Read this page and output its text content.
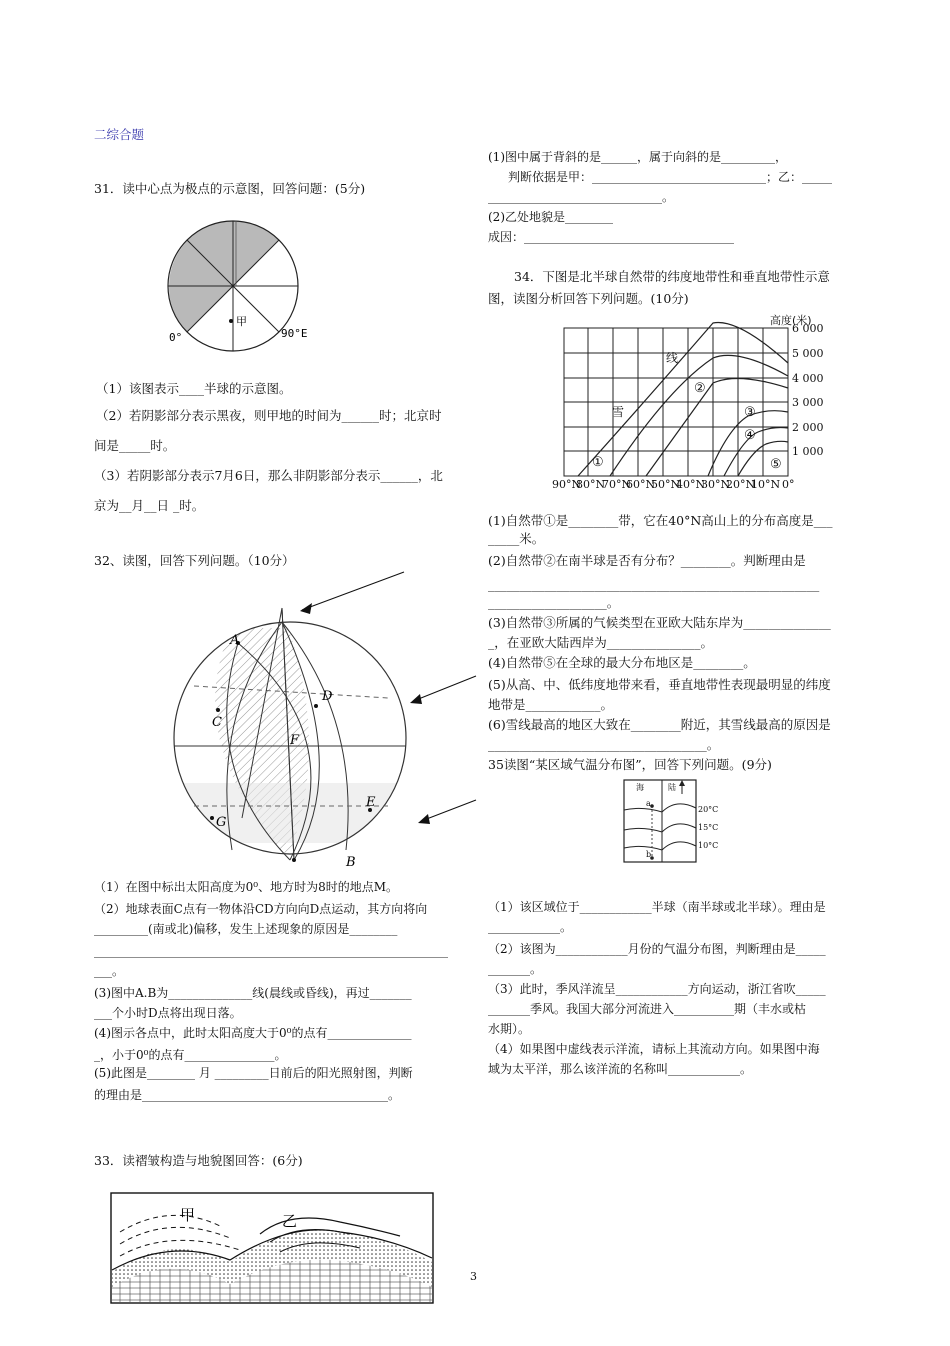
二综合题
31．读中心点为极点的示意图，回答问题：(5分)
甲
0°	90°E
（1）该图表示____半球的示意图。
（2）若阴影部分表示黑夜，则甲地的时间为______时；北京时
间是_____时。
（3）若阴影部分表示7月6日，那么非阴影部分表示______，北
京为__月__日 _时。
32、读图，回答下列问题。（10分）
A
B
C
D
E
F
G
（1）在图中标出太阳高度为0⁰、地方时为8时的地点M。
（2）地球表面C点有一物体沿CD方向向D点运动，其方向将向
_________(南或北)偏移，发生上述现象的原因是________
___________________________________________________________
___。
(3)图中A.B为______________线(晨线或昏线)，再过_______
___个小时D点将出现日落。
(4)图示各点中，此时太阳高度大于0⁰的点有______________
_，小于0⁰的点有_______________。
(5)此图是________ 月 _________日前后的阳光照射图，判断
的理由是_________________________________________。
33．读褶皱构造与地貌图回答：(6分)
甲	乙
(1)图中属于背斜的是______，属于向斜的是_________，
判断依据是甲：_____________________________；乙：_____
_____________________________。
(2)乙处地貌是________
成因：___________________________________
34．下图是北半球自然带的纬度地带性和垂直地带性示意
图，读图分析回答下列问题。(10分)
高度(米)
6 000
5 000
4 000
3 000
2 000
1 000
90°N
80°N
70°N
60°N
50°N
40°N
30°N
20°N
10°N 0°
①
②
③
④
⑤
线
雪
(1)自然带①是________带，它在40°N高山上的分布高度是___
_____米。
(2)自然带②在南半球是否有分布？________。判断理由是
_____________________________________________________
___________________。
(3)自然带③所属的气候类型在亚欧大陆东岸为______________
_，在亚欧大陆西岸为_______________。
(4)自然带⑤在全球的最大分布地区是________。
(5)从高、中、低纬度地带来看，垂直地带性表现最明显的纬度
地带是____________。
(6)雪线最高的地区大致在________附近，其雪线最高的原因是
___________________________________。
35读图“某区域气温分布图”，回答下列问题。(9分)
海	陆
a
b
20°C
15°C
10°C
（1）该区域位于____________半球（南半球或北半球）。理由是
____________。
（2）该图为____________月份的气温分布图，判断理由是_____
_______。
（3）此时，季风洋流呈____________方向运动，浙江省吹_____
_______季风。我国大部分河流进入__________期（丰水或枯
水期）。
（4）如果图中虚线表示洋流，请标上其流动方向。如果图中海
域为太平洋，那么该洋流的名称叫____________。
3
